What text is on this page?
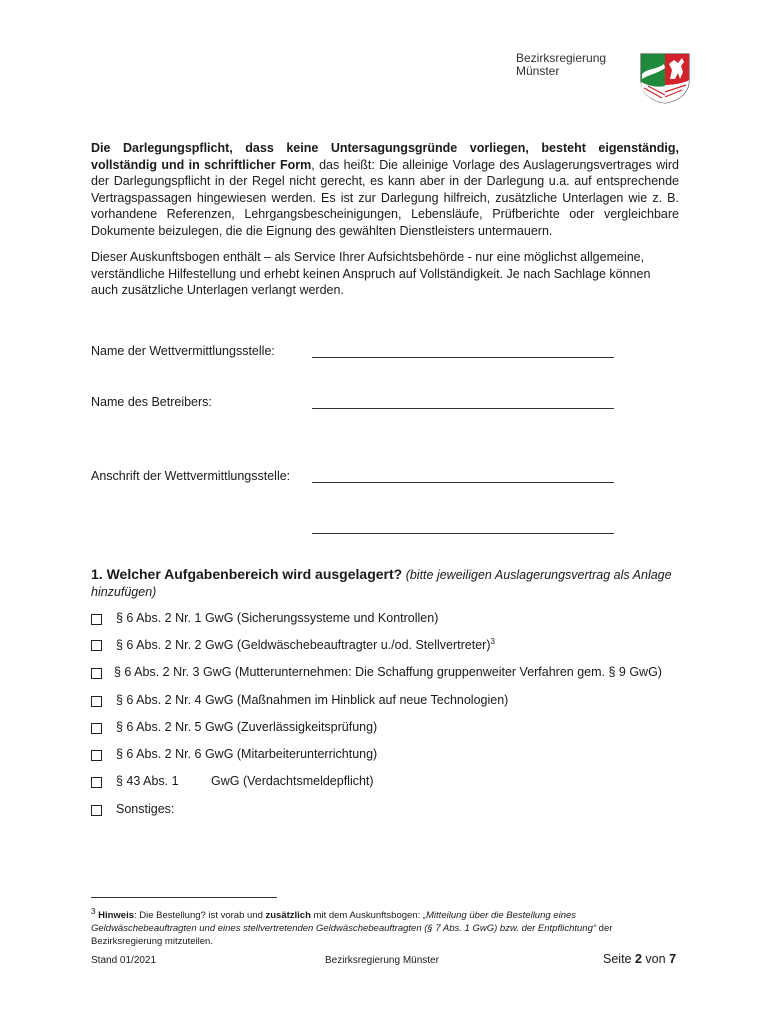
Bezirksregierung
Münster

Die Darlegungspflicht, dass keine Untersagungsgründe vorliegen, besteht eigenständig, vollständig und in schriftlicher Form, das heißt: Die alleinige Vorlage des Auslagerungsvertrages wird der Darlegungspflicht in der Regel nicht gerecht, es kann aber in der Darlegung u.a. auf entsprechende Vertragspassagen hingewiesen werden. Es ist zur Darlegung hilfreich, zusätzliche Unterlagen wie z. B. vorhandene Referenzen, Lehrgangsbescheinigungen, Lebensläufe, Prüfberichte oder vergleichbare Dokumente beizulegen, die die Eignung des gewählten Dienstleisters untermauern.

Dieser Auskunftsbogen enthält – als Service Ihrer Aufsichtsbehörde - nur eine möglichst allgemeine, verständliche Hilfestellung und erhebt keinen Anspruch auf Vollständigkeit. Je nach Sachlage können auch zusätzliche Unterlagen verlangt werden.

Name der Wettvermittlungsstelle:
Name des Betreibers:
Anschrift der Wettvermittlungsstelle:
1. Welcher Aufgabenbereich wird ausgelagert? (bitte jeweiligen Auslagerungsvertrag als Anlage hinzufügen)
§ 6 Abs. 2 Nr. 1 GwG (Sicherungssysteme und Kontrollen)
§ 6 Abs. 2 Nr. 2 GwG (Geldwäschebeauftragter u./od. Stellvertreter)$^3$
§ 6 Abs. 2 Nr. 3 GwG (Mutterunternehmen: Die Schaffung gruppenweiter Verfahren gem. § 9 GwG)
§ 6 Abs. 2 Nr. 4 GwG (Maßnahmen im Hinblick auf neue Technologien)
§ 6 Abs. 2 Nr. 5 GwG (Zuverlässigkeitsprüfung)
§ 6 Abs. 2 Nr. 6 GwG (Mitarbeiterunterrichtung)
§ 43 Abs. 1	GwG (Verdachtsmeldepflicht)
Sonstiges:
$^3$ Hinweis: Die Bestellung? ist vorab und zusätzlich mit dem Auskunftsbogen: „Mitteilung über die Bestellung eines Geldwäschebeauftragten und eines stellvertretenden Geldwäschebeauftragten (§ 7 Abs. 1 GwG) bzw. der Entpflichtung“ der Bezirksregierung mitzuteilen.
Stand 01/2021	Bezirksregierung Münster	Seite 2 von 7
